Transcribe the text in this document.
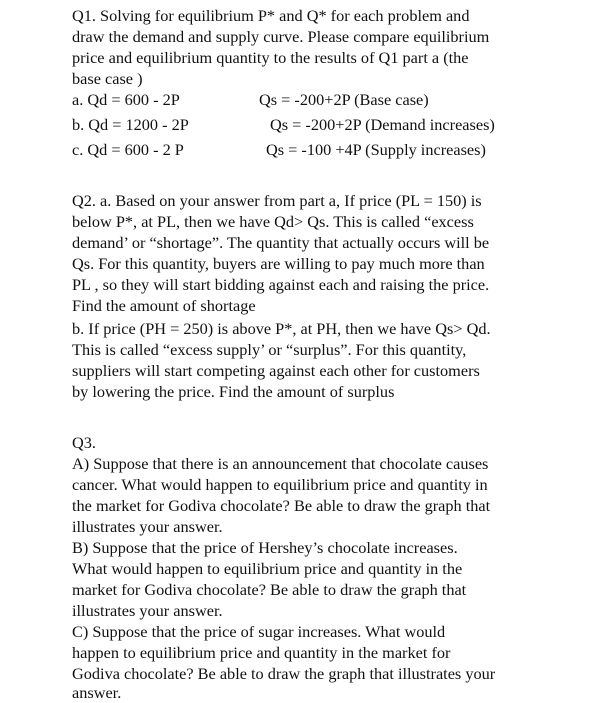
Q1. Solving for equilibrium P* and Q* for each problem and
draw the demand and supply curve. Please compare equilibrium
price and equilibrium quantity to the results of Q1 part a (the
base case )
a. Qd = 600 - 2P	Qs = -200+2P (Base case)
b. Qd = 1200 - 2P	Qs = -200+2P (Demand increases)
c. Qd = 600 - 2 P	Qs = -100 +4P (Supply increases)
Q2. a. Based on your answer from part a, If price (PL = 150) is
below P*, at PL, then we have Qd> Qs. This is called “excess
demand’ or “shortage”. The quantity that actually occurs will be
Qs. For this quantity, buyers are willing to pay much more than
PL , so they will start bidding against each and raising the price.
Find the amount of shortage
b. If price (PH = 250) is above P*, at PH, then we have Qs> Qd.
This is called “excess supply’ or “surplus”. For this quantity,
suppliers will start competing against each other for customers
by lowering the price. Find the amount of surplus
Q3.
A) Suppose that there is an announcement that chocolate causes
cancer. What would happen to equilibrium price and quantity in
the market for Godiva chocolate? Be able to draw the graph that
illustrates your answer.
B) Suppose that the price of Hershey’s chocolate increases.
What would happen to equilibrium price and quantity in the
market for Godiva chocolate? Be able to draw the graph that
illustrates your answer.
C) Suppose that the price of sugar increases. What would
happen to equilibrium price and quantity in the market for
Godiva chocolate? Be able to draw the graph that illustrates your
answer.
